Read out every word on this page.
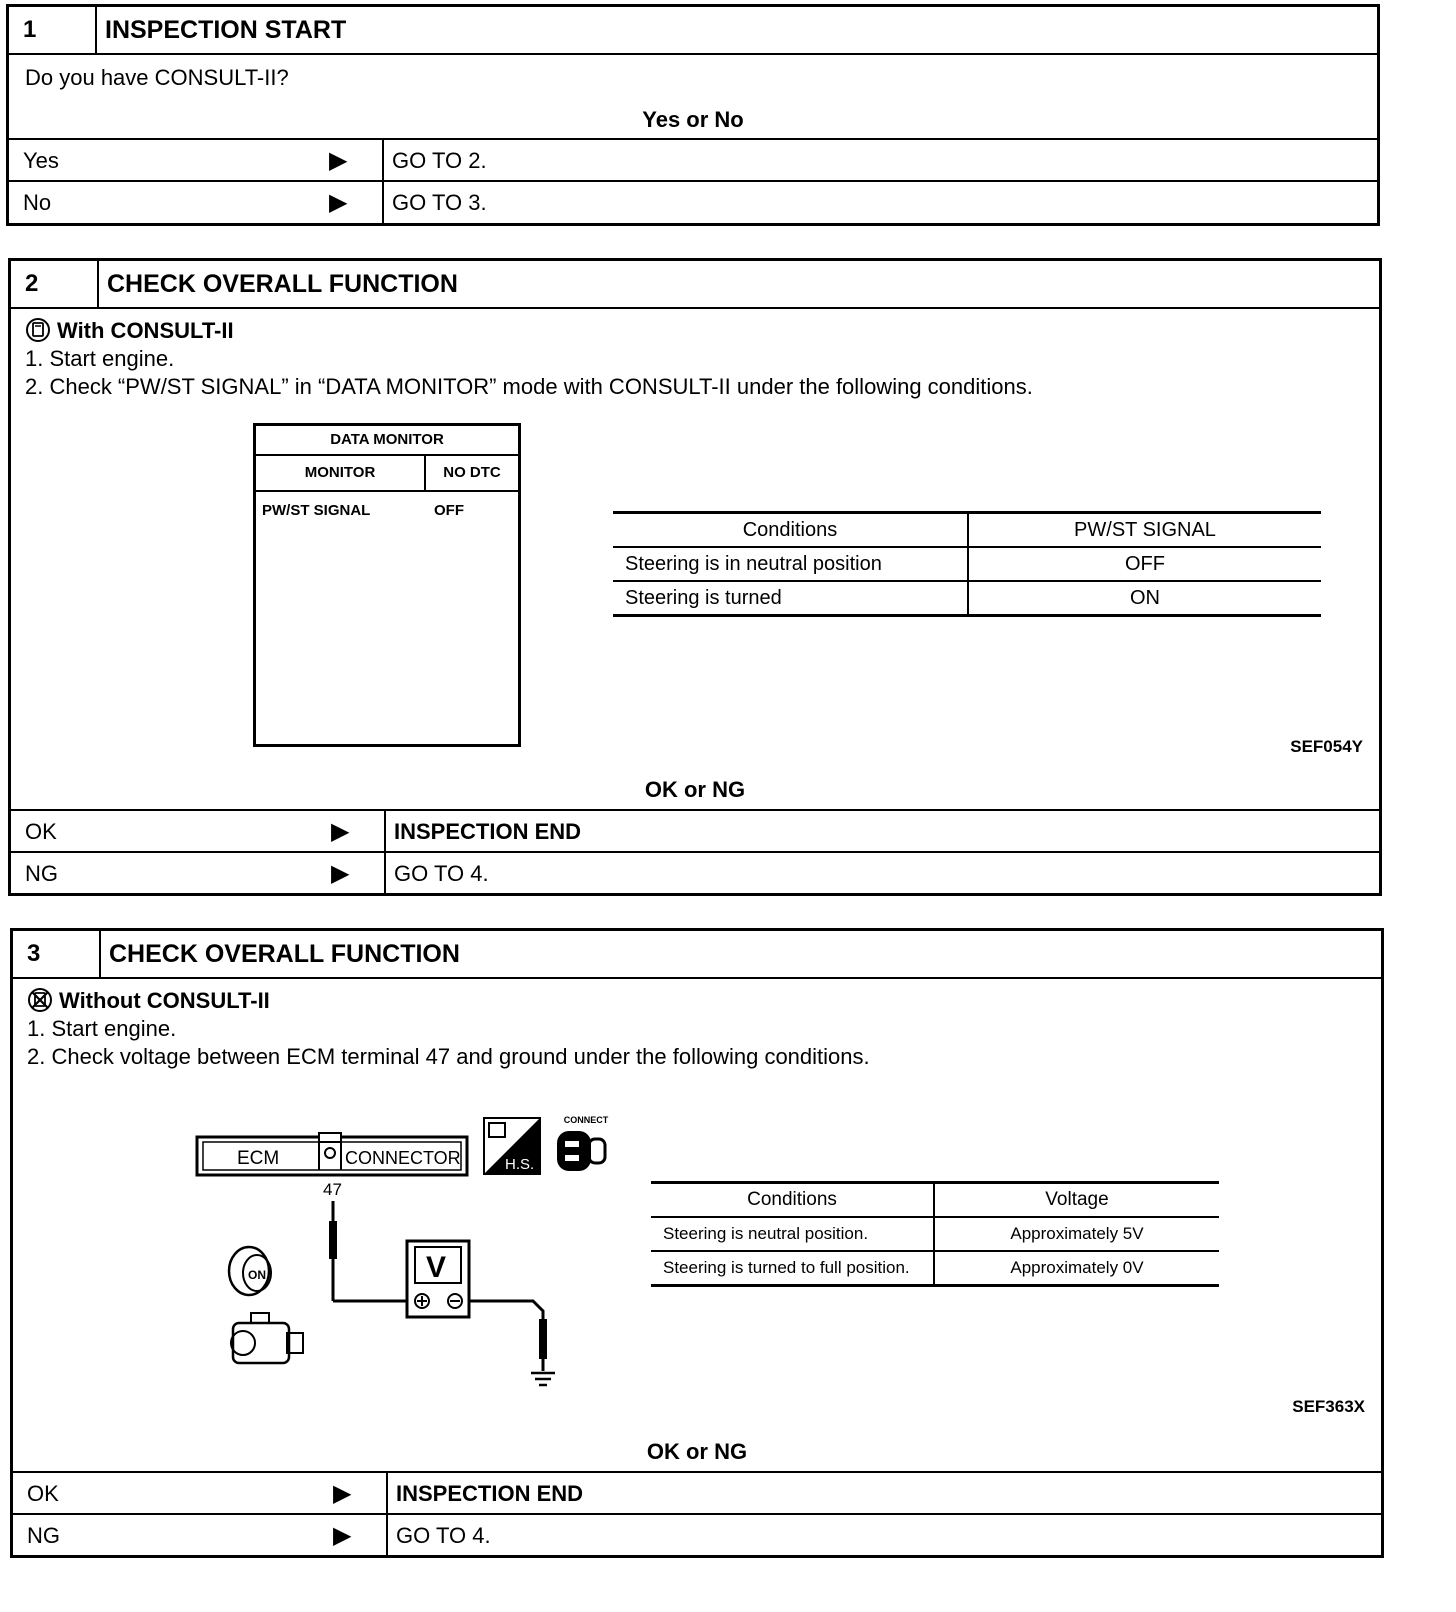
1	INSPECTION START
Do you have CONSULT-II?
Yes or No
Yes	▶	GO TO 2.
No	▶	GO TO 3.
2	CHECK OVERALL FUNCTION
With CONSULT-II
1. Start engine.
2. Check “PW/ST SIGNAL” in “DATA MONITOR” mode with CONSULT-II under the following conditions.
DATA MONITOR
MONITOR	NO DTC
PW/ST SIGNAL	OFF
Conditions	PW/ST SIGNAL
Steering is in neutral position	OFF
Steering is turned	ON
SEF054Y
OK or NG
OK	▶	INSPECTION END
NG	▶	GO TO 4.
3	CHECK OVERALL FUNCTION
Without CONSULT-II
1. Start engine.
2. Check voltage between ECM terminal 47 and ground under the following conditions.
ECM	CONNECTOR
47
V
ON
H.S.
CONNECT
Conditions	Voltage
Steering is neutral position.	Approximately 5V
Steering is turned to full position.	Approximately 0V
SEF363X
OK or NG
OK	▶	INSPECTION END
NG	▶	GO TO 4.
